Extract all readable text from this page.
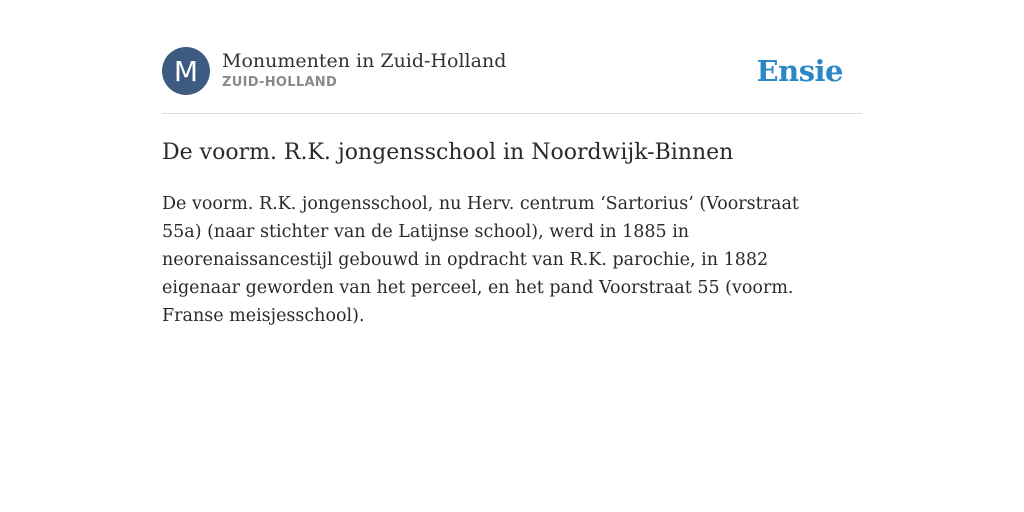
M Monumenten in Zuid-Holland
ZUID-HOLLAND	Ensie
De voorm. R.K. jongensschool in Noordwijk-Binnen

De voorm. R.K. jongensschool, nu Herv. centrum ‘Sartorius’ (Voorstraat 55a) (naar stichter van de Latijnse school), werd in 1885 in neorenaissancestijl gebouwd in opdracht van R.K. parochie, in 1882 eigenaar geworden van het perceel, en het pand Voorstraat 55 (voorm. Franse meisjesschool).
